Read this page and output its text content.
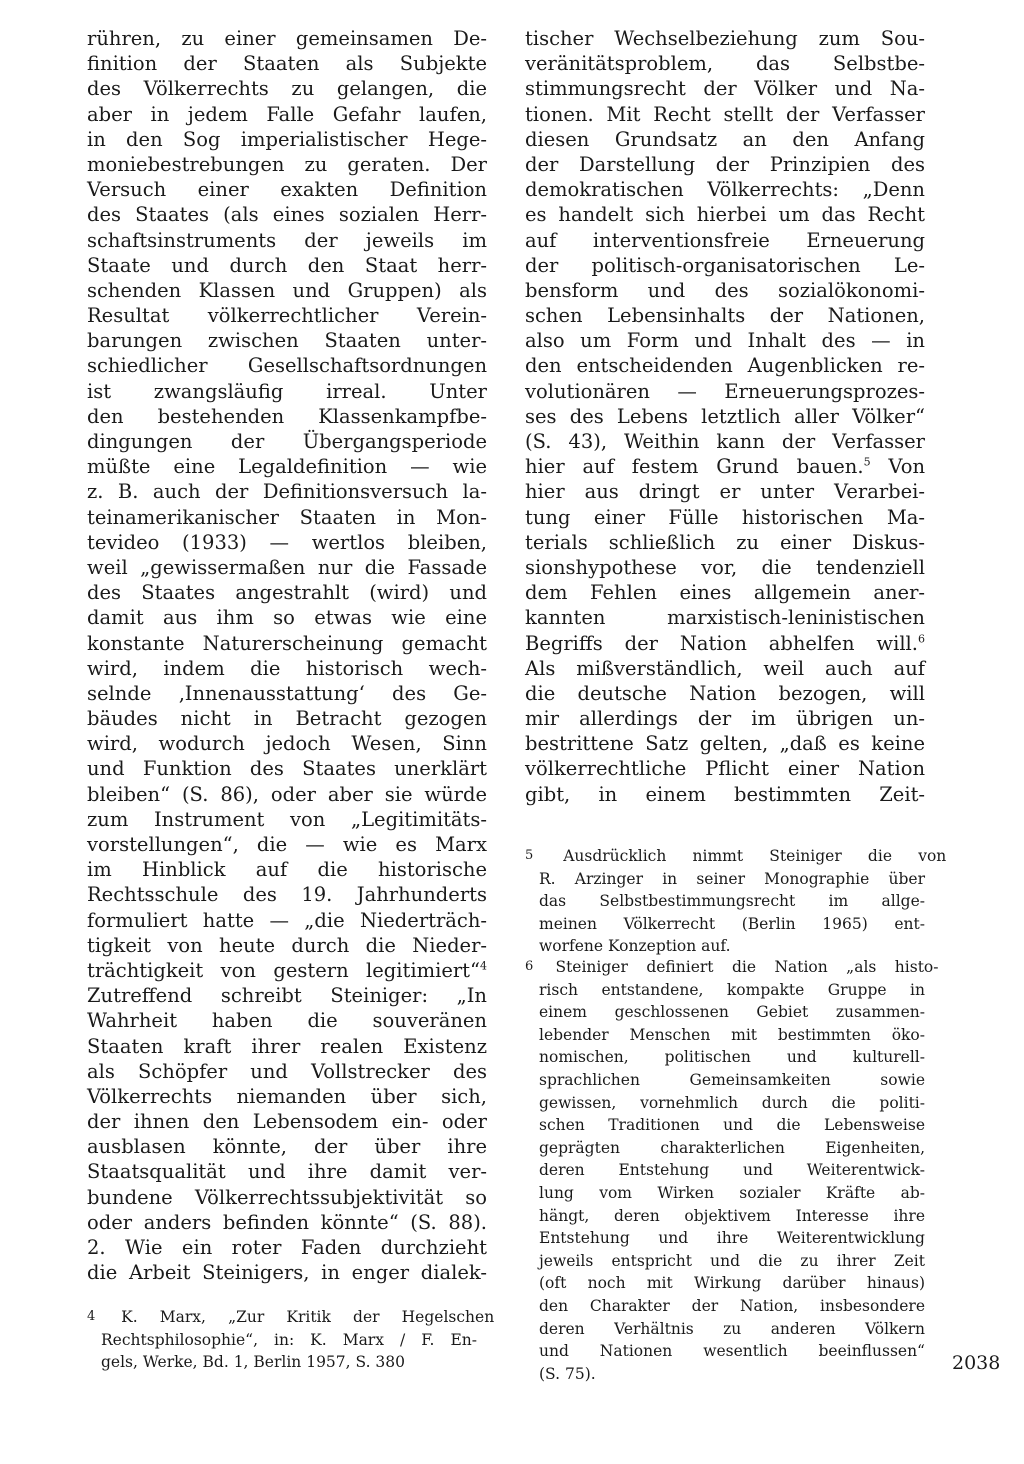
rühren, zu einer gemeinsamen De-
finition der Staaten als Subjekte
des Völkerrechts zu gelangen, die
aber in jedem Falle Gefahr laufen,
in den Sog imperialistischer Hege-
moniebestrebungen zu geraten. Der
Versuch einer exakten Definition
des Staates (als eines sozialen Herr-
schaftsinstruments der jeweils im
Staate und durch den Staat herr-
schenden Klassen und Gruppen) als
Resultat völkerrechtlicher Verein-
barungen zwischen Staaten unter-
schiedlicher Gesellschaftsordnungen
ist zwangsläufig irreal. Unter
den bestehenden Klassenkampfbe-
dingungen der Übergangsperiode
müßte eine Legaldefinition — wie
z. B. auch der Definitionsversuch la-
teinamerikanischer Staaten in Mon-
tevideo (1933) — wertlos bleiben,
weil „gewissermaßen nur die Fassade
des Staates angestrahlt (wird) und
damit aus ihm so etwas wie eine
konstante Naturerscheinung gemacht
wird, indem die historisch wech-
selnde ‚Innenausstattung‘ des Ge-
bäudes nicht in Betracht gezogen
wird, wodurch jedoch Wesen, Sinn
und Funktion des Staates unerklärt
bleiben“ (S. 86), oder aber sie würde
zum Instrument von „Legitimitäts-
vorstellungen“, die — wie es Marx
im Hinblick auf die historische
Rechtsschule des 19. Jahrhunderts
formuliert hatte — „die Niederträch-
tigkeit von heute durch die Nieder-
trächtigkeit von gestern legitimiert“$^4$
Zutreffend schreibt Steiniger: „In
Wahrheit haben die souveränen
Staaten kraft ihrer realen Existenz
als Schöpfer und Vollstrecker des
Völkerrechts niemanden über sich,
der ihnen den Lebensodem ein- oder
ausblasen könnte, der über ihre
Staatsqualität und ihre damit ver-
bundene Völkerrechtssubjektivität so
oder anders befinden könnte“ (S. 88).
2. Wie ein roter Faden durchzieht
die Arbeit Steinigers, in enger dialek-
tischer Wechselbeziehung zum Sou-
veränitätsproblem, das Selbstbe-
stimmungsrecht der Völker und Na-
tionen. Mit Recht stellt der Verfasser
diesen Grundsatz an den Anfang
der Darstellung der Prinzipien des
demokratischen Völkerrechts: „Denn
es handelt sich hierbei um das Recht
auf interventionsfreie Erneuerung
der politisch-organisatorischen Le-
bensform und des sozialökonomi-
schen Lebensinhalts der Nationen,
also um Form und Inhalt des — in
den entscheidenden Augenblicken re-
volutionären — Erneuerungsprozes-
ses des Lebens letztlich aller Völker“
(S. 43), Weithin kann der Verfasser
hier auf festem Grund bauen.$^5$ Von
hier aus dringt er unter Verarbei-
tung einer Fülle historischen Ma-
terials schließlich zu einer Diskus-
sionshypothese vor, die tendenziell
dem Fehlen eines allgemein aner-
kannten marxistisch-leninistischen
Begriffs der Nation abhelfen will.$^6$
Als mißverständlich, weil auch auf
die deutsche Nation bezogen, will
mir allerdings der im übrigen un-
bestrittene Satz gelten, „daß es keine
völkerrechtliche Pflicht einer Nation
gibt, in einem bestimmten Zeit-
4 K. Marx, „Zur Kritik der Hegelschen
Rechtsphilosophie“, in: K. Marx / F. En-
gels, Werke, Bd. 1, Berlin 1957, S. 380
5 Ausdrücklich nimmt Steiniger die von
R. Arzinger in seiner Monographie über
das Selbstbestimmungsrecht im allge-
meinen Völkerrecht (Berlin 1965) ent-
worfene Konzeption auf.
6 Steiniger definiert die Nation „als histo-
risch entstandene, kompakte Gruppe in
einem geschlossenen Gebiet zusammen-
lebender Menschen mit bestimmten öko-
nomischen, politischen und kulturell-
sprachlichen Gemeinsamkeiten sowie
gewissen, vornehmlich durch die politi-
schen Traditionen und die Lebensweise
geprägten charakterlichen Eigenheiten,
deren Entstehung und Weiterentwick-
lung vom Wirken sozialer Kräfte ab-
hängt, deren objektivem Interesse ihre
Entstehung und ihre Weiterentwicklung
jeweils entspricht und die zu ihrer Zeit
(oft noch mit Wirkung darüber hinaus)
den Charakter der Nation, insbesondere
deren Verhältnis zu anderen Völkern
und Nationen wesentlich beeinflussen“
(S. 75).	2038
